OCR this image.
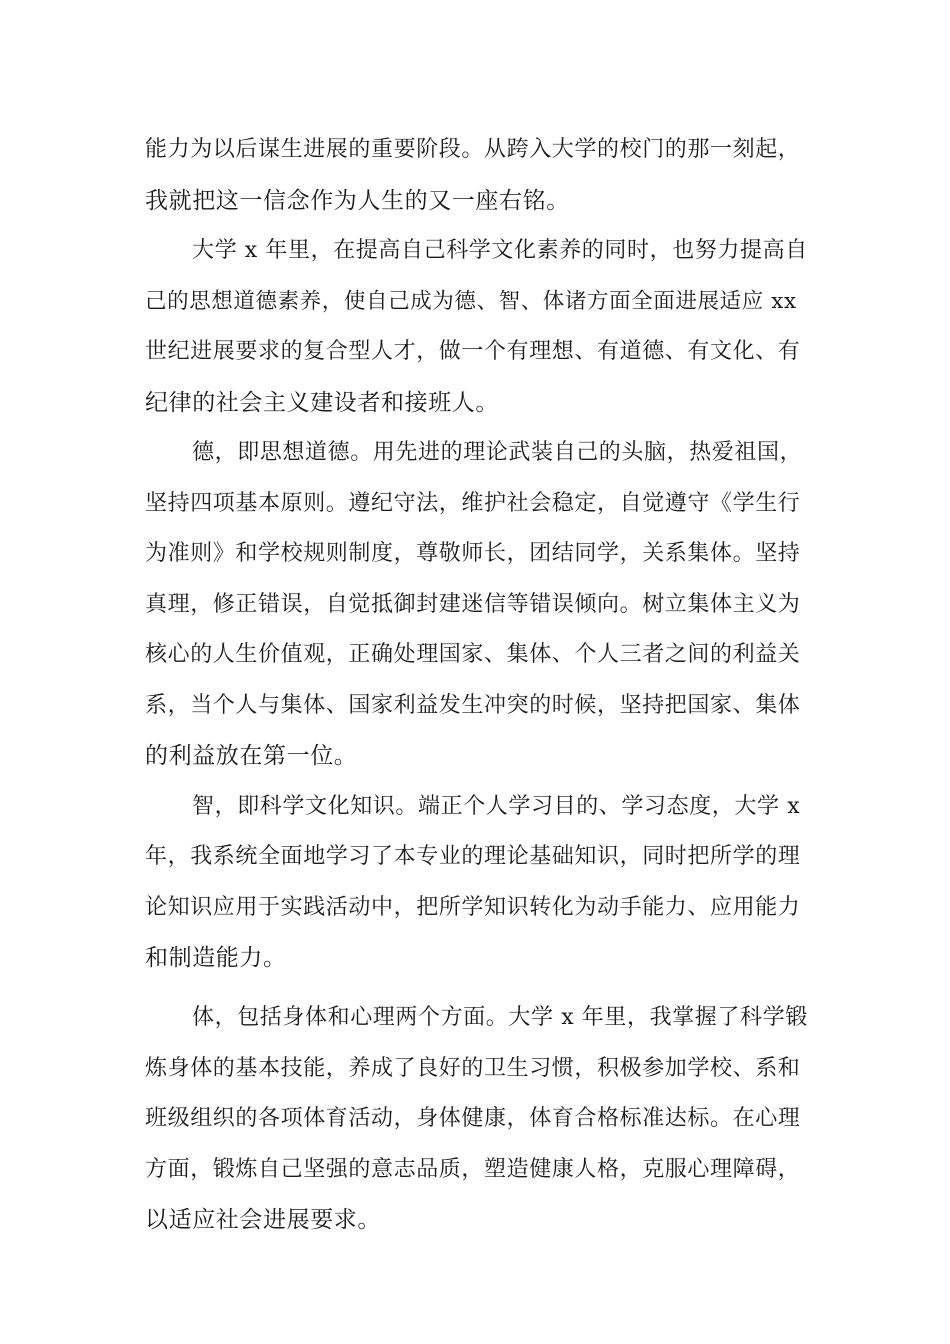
能力为以后谋生进展的重要阶段。从跨入大学的校门的那一刻起，
我就把这一信念作为人生的又一座右铭。
大学 x 年里，在提高自己科学文化素养的同时，也努力提高自
己的思想道德素养，使自己成为德、智、体诸方面全面进展适应 xx
世纪进展要求的复合型人才，做一个有理想、有道德、有文化、有
纪律的社会主义建设者和接班人。
德，即思想道德。用先进的理论武装自己的头脑，热爱祖国，
坚持四项基本原则。遵纪守法，维护社会稳定，自觉遵守《学生行
为准则》和学校规则制度，尊敬师长，团结同学，关系集体。坚持
真理，修正错误，自觉抵御封建迷信等错误倾向。树立集体主义为
核心的人生价值观，正确处理国家、集体、个人三者之间的利益关
系，当个人与集体、国家利益发生冲突的时候，坚持把国家、集体
的利益放在第一位。
智，即科学文化知识。端正个人学习目的、学习态度，大学 x
年，我系统全面地学习了本专业的理论基础知识，同时把所学的理
论知识应用于实践活动中，把所学知识转化为动手能力、应用能力
和制造能力。
体，包括身体和心理两个方面。大学 x 年里，我掌握了科学锻
炼身体的基本技能，养成了良好的卫生习惯，积极参加学校、系和
班级组织的各项体育活动，身体健康，体育合格标准达标。在心理
方面，锻炼自己坚强的意志品质，塑造健康人格，克服心理障碍，
以适应社会进展要求。
